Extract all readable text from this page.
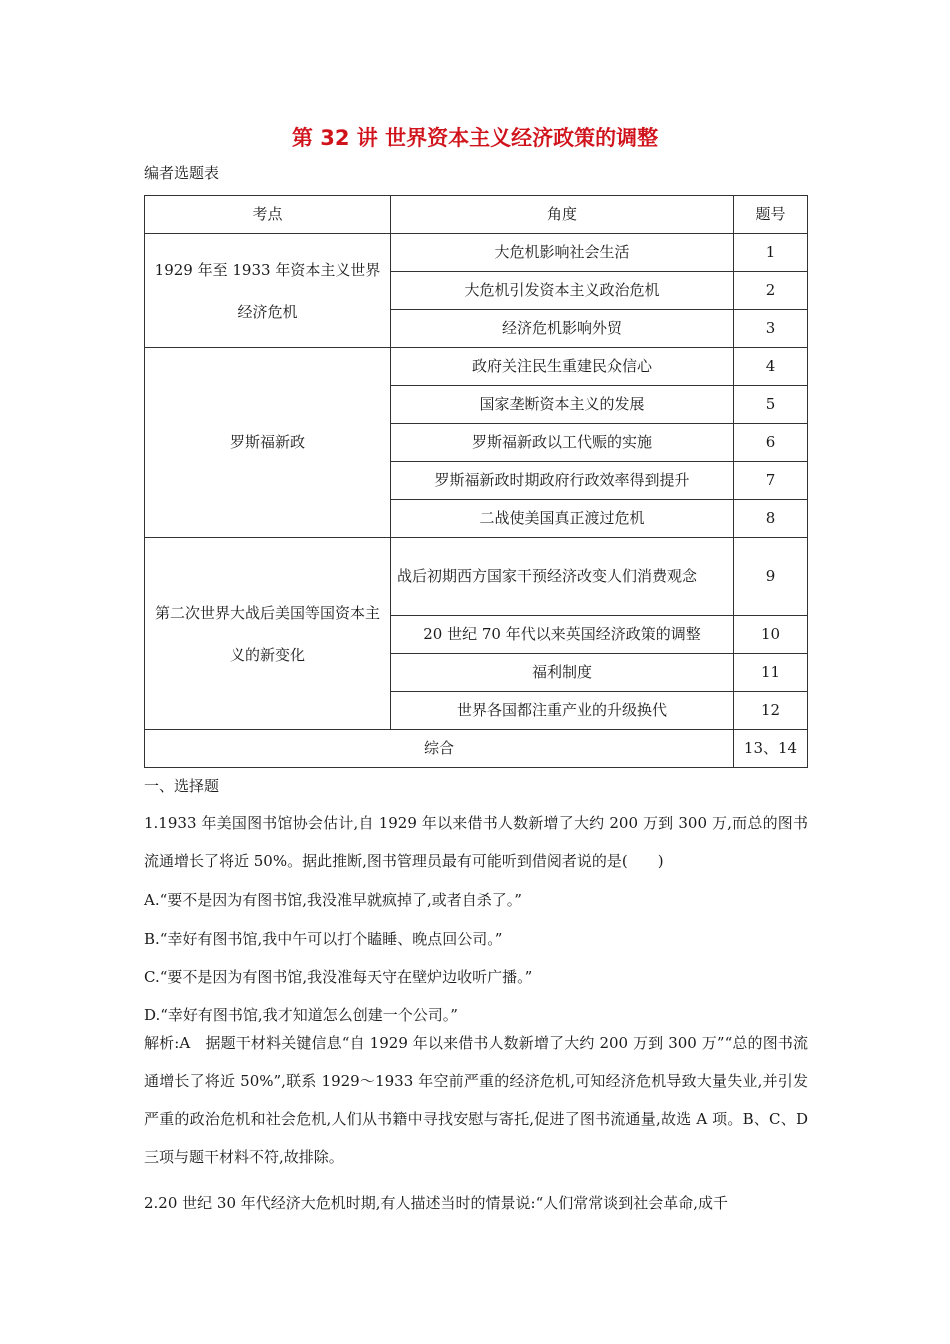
第 32 讲 世界资本主义经济政策的调整
编者选题表
考点	角度	题号
1929 年至 1933 年资本主义世界经济危机	大危机影响社会生活	1
	大危机引发资本主义政治危机	2
	经济危机影响外贸	3
罗斯福新政	政府关注民生重建民众信心	4
	国家垄断资本主义的发展	5
	罗斯福新政以工代赈的实施	6
	罗斯福新政时期政府行政效率得到提升	7
	二战使美国真正渡过危机	8
第二次世界大战后美国等国资本主义的新变化	战后初期西方国家干预经济改变人们消费观念	9
	20 世纪 70 年代以来英国经济政策的调整	10
	福利制度	11
	世界各国都注重产业的升级换代	12
综合		13、14
一、选择题
1.1933 年美国图书馆协会估计,自 1929 年以来借书人数新增了大约 200 万到 300 万,而总的图书流通增长了将近 50%。据此推断,图书管理员最有可能听到借阅者说的是(　　)
A.“要不是因为有图书馆,我没准早就疯掉了,或者自杀了。”
B.“幸好有图书馆,我中午可以打个瞌睡、晚点回公司。”
C.“要不是因为有图书馆,我没准每天守在壁炉边收听广播。”
D.“幸好有图书馆,我才知道怎么创建一个公司。”
解析:A　据题干材料关键信息“自 1929 年以来借书人数新增了大约 200 万到 300 万”“总的图书流通增长了将近 50%”,联系 1929～1933 年空前严重的经济危机,可知经济危机导致大量失业,并引发严重的政治危机和社会危机,人们从书籍中寻找安慰与寄托,促进了图书流通量,故选 A 项。B、C、D 三项与题干材料不符,故排除。
2.20 世纪 30 年代经济大危机时期,有人描述当时的情景说:“人们常常谈到社会革命,成千
